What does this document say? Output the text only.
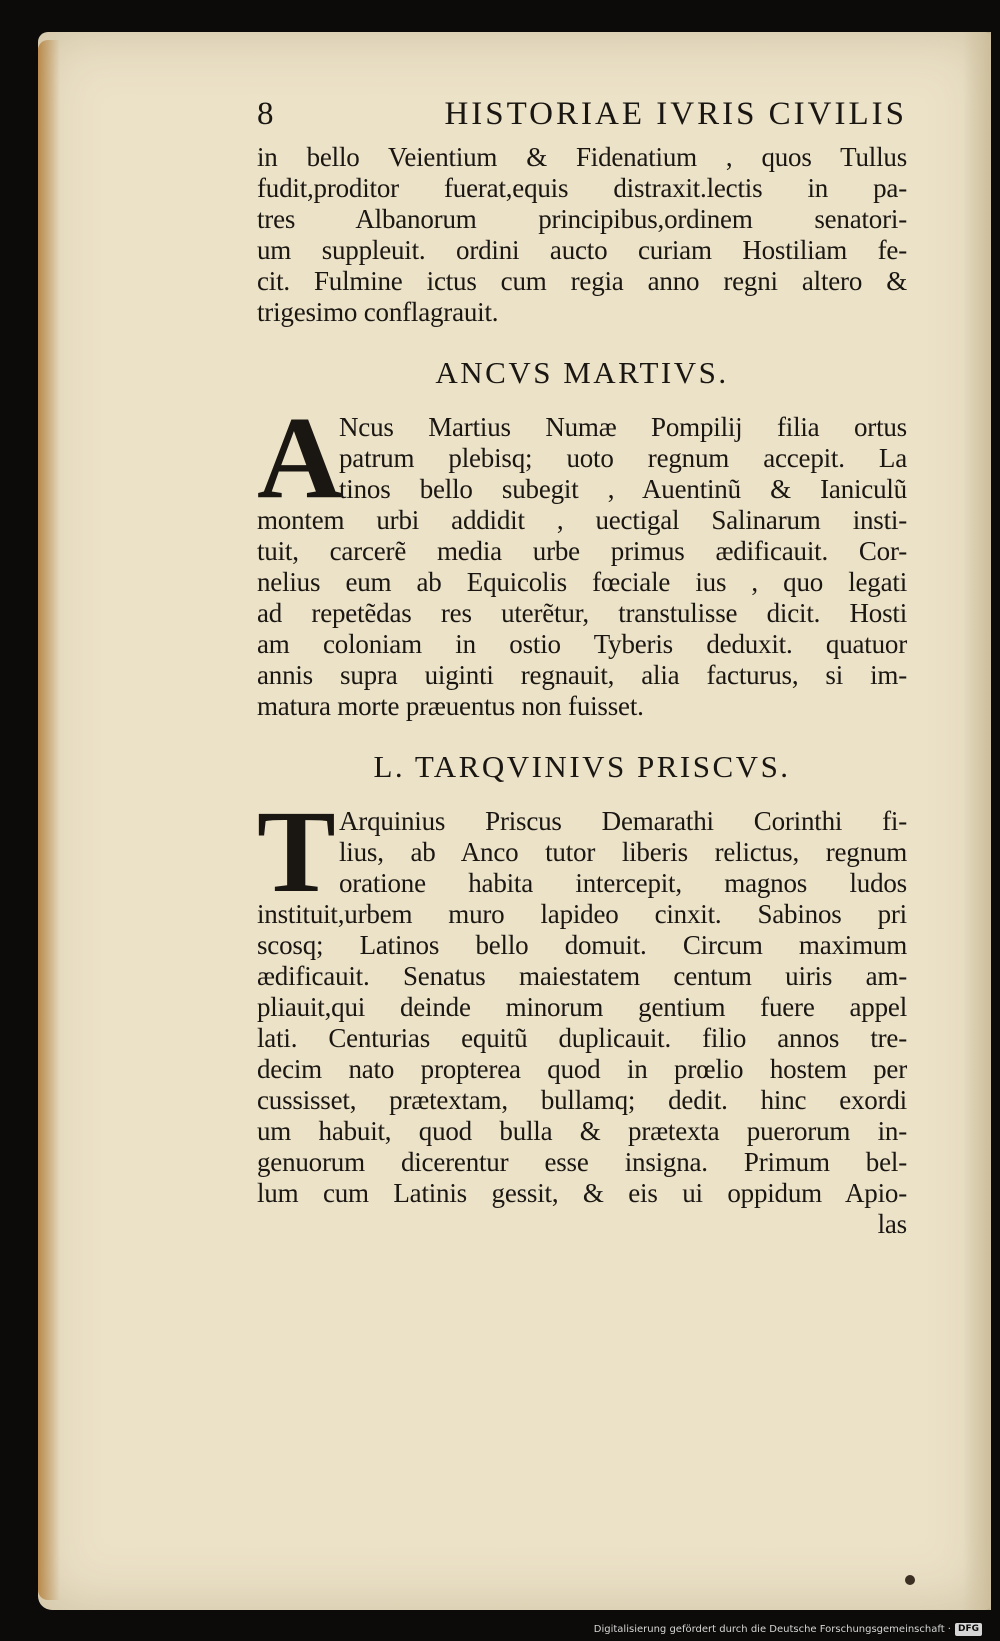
8	HISTORIAE IVRIS CIVILIS
in bello Veientium & Fidenatium , quos Tullus
fudit,proditor fuerat,equis distraxit.lectis in pa-
tres Albanorum principibus,ordinem senatori-
um suppleuit. ordini aucto curiam Hostiliam fe-
cit. Fulmine ictus cum regia anno regni altero &
trigesimo conflagrauit.
ANCVS MARTIVS.
A
Ncus Martius Numæ Pompilij filia ortus
patrum plebisq; uoto regnum accepit. La
tinos bello subegit , Auentinũ & Ianiculũ
montem urbi addidit , uectigal Salinarum insti-
tuit, carcerẽ media urbe primus ædificauit. Cor-
nelius eum ab Equicolis fœciale ius , quo legati
ad repetẽdas res uterẽtur, transtulisse dicit. Hosti
am coloniam in ostio Tyberis deduxit. quatuor
annis supra uiginti regnauit, alia facturus, si im-
matura morte præuentus non fuisset.
L. TARQVINIVS PRISCVS.
T Arquinius Priscus Demarathi Corinthi fi-
lius, ab Anco tutor liberis relictus, regnum
oratione habita intercepit, magnos ludos
instituit,urbem muro lapideo cinxit. Sabinos pri
scosq; Latinos bello domuit. Circum maximum
ædificauit. Senatus maiestatem centum uiris am-
pliauit,qui deinde minorum gentium fuere appel
lati. Centurias equitũ duplicauit. filio annos tre-
decim nato propterea quod in prœlio hostem per
cussisset, prætextam, bullamq; dedit. hinc exordi
um habuit, quod bulla & prætexta puerorum in-
genuorum dicerentur esse insigna. Primum bel-
lum cum Latinis gessit, & eis ui oppidum Apio-
las
Digitalisierung gefördert durch die Deutsche Forschungsgemeinschaft · DFG
